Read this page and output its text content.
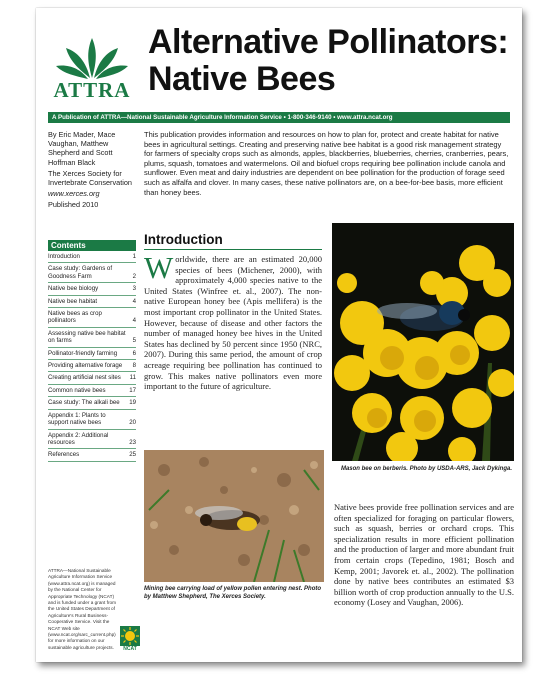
ATTRA
Alternative Pollinators:
Native Bees
A Publication of ATTRA—National Sustainable Agriculture Information Service • 1-800-346-9140 • www.attra.ncat.org

By Eric Mader, Mace Vaughan, Matthew Shepherd and Scott Hoffman Black

The Xerces Society for Invertebrate Conservation

www.xerces.org

Published 2010

This publication provides information and resources on how to plan for, protect and create habitat for native bees in agricultural settings. Creating and preserving native bee habitat is a good risk management strategy for farmers of specialty crops such as almonds, apples, blackberries, blueberries, cherries, cranberries, pears, plums, squash, tomatoes and watermelons. Oil and biofuel crops requiring bee pollination include canola and sunflower. Even meat and dairy industries are dependent on bee pollination for the production of forage seed such as alfalfa and clover. In many cases, these native pollinators are, on a bee-for-bee basis, more efficient than honey bees.
Contents
Introduction	1
Case study: Gardens of Goodness Farm	2
Native bee biology	3
Native bee habitat	4
Native bees as crop pollinators	4
Assessing native bee habitat on farms	5
Pollinator-friendly farming	6
Providing alternative forage	8
Creating artificial nest sites	11
Common native bees	17
Case study: The alkali bee	19
Appendix 1: Plants to support native bees	20
Appendix 2: Additional resources	23
References	25
ATTRA—National Sustainable Agriculture Information Service (www.attra.ncat.org) is managed by the National Center for Appropriate Technology (NCAT) and is funded under a grant from the United States Department of Agriculture's Rural Business-Cooperative Service. Visit the NCAT Web site (www.ncat.org/sarc_current.php) for more information on our sustainable agriculture projects.	NCAT
Introduction
Worldwide, there are an estimated 20,000 species of bees (Michener, 2000), with approximately 4,000 species native to the United States (Winfree et. al., 2007). The non-native European honey bee (Apis mellifera) is the most important crop pollinator in the United States. However, because of disease and other factors the number of managed honey bee hives in the United States has declined by 50 percent since 1950 (NRC, 2007). During this same period, the amount of crop acreage requiring bee pollination has continued to grow. This makes native pollinators even more important to the future of agriculture.
Mason bee on berberis. Photo by USDA-ARS, Jack Dykinga.
Mining bee carrying load of yellow pollen entering nest. Photo by Matthew Shepherd, The Xerces Society.
Native bees provide free pollination services and are often specialized for foraging on particular flowers, such as squash, berries or orchard crops. This specialization results in more efficient pollination and the production of larger and more abundant fruit from certain crops (Tepedino, 1981; Bosch and Kemp, 2001; Javorek et. al., 2002). The pollination done by native bees contributes an estimated $3 billion worth of crop production annually to the U.S. economy (Losey and Vaughan, 2006).
